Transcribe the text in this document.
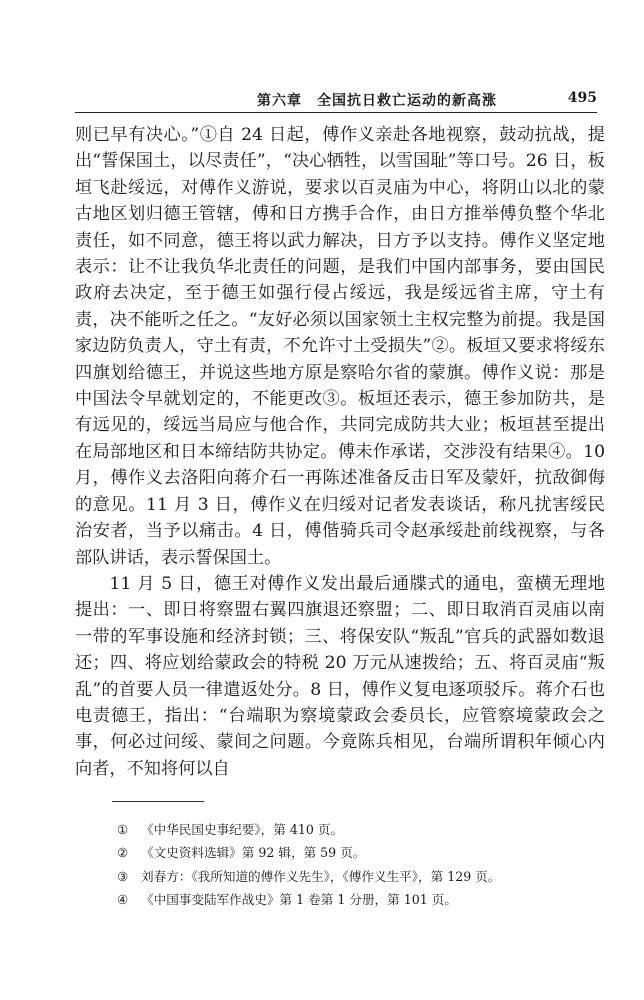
第六章　全国抗日救亡运动的新高涨	495

则已早有决心。”①自 24 日起，傅作义亲赴各地视察，鼓动抗战，提出“誓保国土，以尽责任”，“决心牺牲，以雪国耻”等口号。26 日，板垣飞赴绥远，对傅作义游说，要求以百灵庙为中心，将阴山以北的蒙古地区划归德王管辖，傅和日方携手合作，由日方推举傅负整个华北责任，如不同意，德王将以武力解决，日方予以支持。傅作义坚定地表示：让不让我负华北责任的问题，是我们中国内部事务，要由国民政府去决定，至于德王如强行侵占绥远，我是绥远省主席，守土有责，决不能听之任之。“友好必须以国家领土主权完整为前提。我是国家边防负责人，守土有责，不允许寸土受损失”②。板垣又要求将绥东四旗划给德王，并说这些地方原是察哈尔省的蒙旗。傅作义说：那是中国法令早就划定的，不能更改③。板垣还表示，德王参加防共，是有远见的，绥远当局应与他合作，共同完成防共大业；板垣甚至提出在局部地区和日本缔结防共协定。傅未作承诺，交涉没有结果④。10 月，傅作义去洛阳向蒋介石一再陈述准备反击日军及蒙奸，抗敌御侮的意见。11 月 3 日，傅作义在归绥对记者发表谈话，称凡扰害绥民治安者，当予以痛击。4 日，傅偕骑兵司令赵承绥赴前线视察，与各部队讲话，表示誓保国土。

11 月 5 日，德王对傅作义发出最后通牒式的通电，蛮横无理地提出：一、即日将察盟右翼四旗退还察盟；二、即日取消百灵庙以南一带的军事设施和经济封锁；三、将保安队“叛乱”官兵的武器如数退还；四、将应划给蒙政会的特税 20 万元从速拨给；五、将百灵庙“叛乱”的首要人员一律遣返处分。8 日，傅作义复电逐项驳斥。蒋介石也电责德王，指出：“台端职为察境蒙政会委员长，应管察境蒙政会之事，何必过问绥、蒙间之问题。今竟陈兵相见，台端所谓积年倾心内向者，不知将何以自

① 《中华民国史事纪要》，第 410 页。
② 《文史资料选辑》第 92 辑，第 59 页。
③ 刘春方：《我所知道的傅作义先生》，《傅作义生平》，第 129 页。
④ 《中国事变陆军作战史》第 1 卷第 1 分册，第 101 页。
